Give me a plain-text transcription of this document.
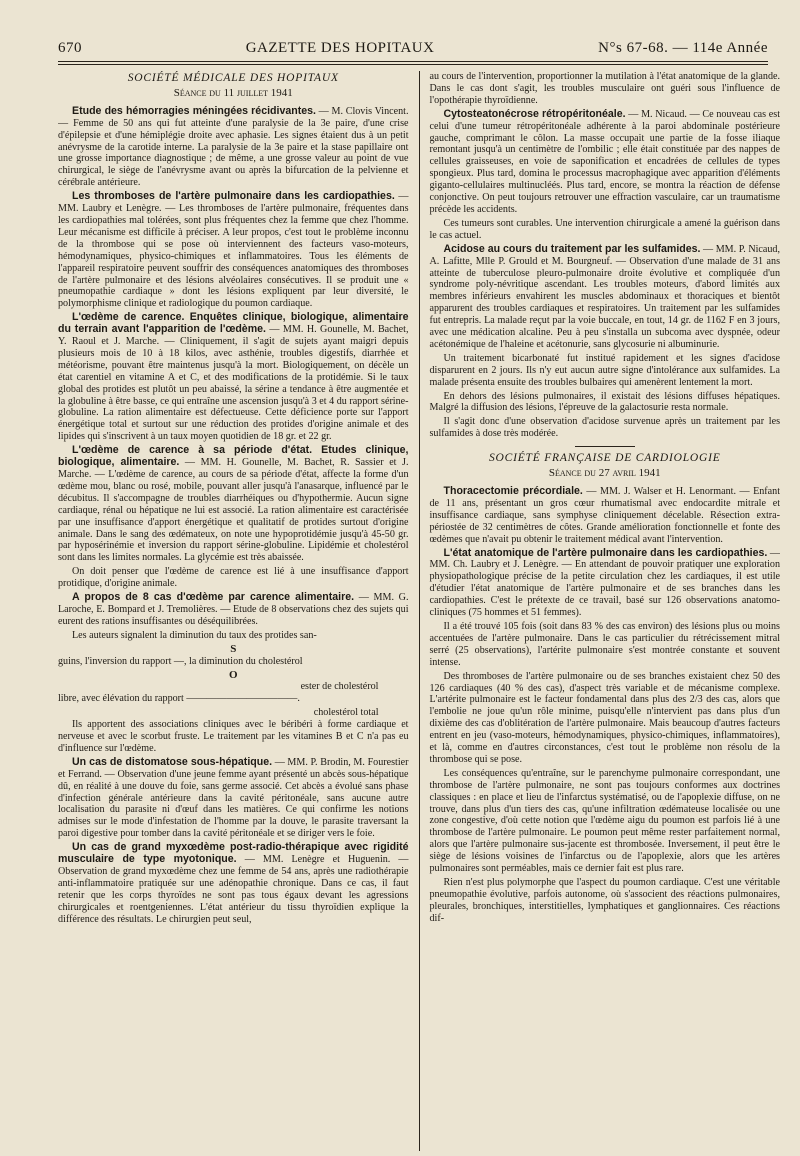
670	GAZETTE DES HOPITAUX	N°s 67-68. — 114e Année
SOCIÉTÉ MÉDICALE DES HOPITAUX
Séance du 11 juillet 1941

Etude des hémorragies méningées récidivantes. — M. Clovis Vincent. — Femme de 50 ans qui fut atteinte d'une paralysie de la 3e paire, d'une crise d'épilepsie et d'une hémiplégie droite avec aphasie. Les signes étaient dus à un petit anévrysme de la carotide interne. La paralysie de la 3e paire et la stase papillaire ont une grosse importance diagnostique ; de même, a une grosse valeur au point de vue chirurgical, le siège de l'anévrysme avant ou après la bifurcation de la pelvienne et cérébrale antérieure.

Les thromboses de l'artère pulmonaire dans les cardiopathies. — MM. Laubry et Lenègre. — Les thromboses de l'artère pulmonaire, fréquentes dans les cardiopathies mal tolérées, sont plus fréquentes chez la femme que chez l'homme. Leur mécanisme est difficile à préciser. A leur propos, c'est tout le problème inconnu de la thrombose qui se pose où interviennent des facteurs vaso-moteurs, hémodynamiques, physico-chimiques et inflammatoires. Tous les éléments de l'appareil respiratoire peuvent souffrir des conséquences anatomiques des thromboses de l'artère pulmonaire et des lésions alvéolaires consécutives. Il se produit une « pneumopathie cardiaque » dont les lésions expliquent par leur diversité, le polymorphisme clinique et radiologique du poumon cardiaque.

L'œdème de carence. Enquêtes clinique, biologique, alimentaire du terrain avant l'apparition de l'œdème. — MM. H. Gounelle, M. Bachet, Y. Raoul et J. Marche. — Cliniquement, il s'agit de sujets ayant maigri depuis plusieurs mois de 10 à 18 kilos, avec asthénie, troubles digestifs, diarrhée et météorisme, pouvant être maintenus jusqu'à la mort. Biologiquement, on décèle un état carentiel en vitamine A et C, et des modifications de la protidémie. Si le taux global des protides est plutôt un peu abaissé, la sérine a tendance à être augmentée et la globuline à être basse, ce qui entraîne une ascension jusqu'à 3 et 4 du rapport sérine-globuline. La ration alimentaire est défectueuse. Cette déficience porte sur l'apport énergétique total et surtout sur une réduction des protides d'origine animale et des lipides qui s'inscrivent à un taux moyen quotidien de 18 gr. et 22 gr.

L'œdème de carence à sa période d'état. Etudes clinique, biologique, alimentaire. — MM. H. Gounelle, M. Bachet, R. Sassier et J. Marche. — L'œdème de carence, au cours de sa période d'état, affecte la forme d'un œdème mou, blanc ou rosé, mobile, pouvant aller jusqu'à l'anasarque, influencé par le décubitus. Il s'accompagne de troubles diarrhéiques ou d'hypothermie. Aucun signe cardiaque, rénal ou hépatique ne lui est associé. La ration alimentaire est caractérisée par une insuffisance d'apport énergétique et qualitatif de protides surtout d'origine animale. Dans le sang des œdémateux, on note une hypoprotidémie jusqu'à 45-50 gr. par hyposérinémie et inversion du rapport sérine-globuline. Lipidémie et cholestérol sont dans les limites normales. La glycémie est très abaissée.

On doit penser que l'œdème de carence est lié à une insuffisance d'apport protidique, d'origine animale.

A propos de 8 cas d'œdème par carence alimentaire. — MM. G. Laroche, E. Bompard et J. Tremolières. — Etude de 8 observations chez des sujets qui eurent des rations insuffisantes ou déséquilibrées.

Les auteurs signalent la diminution du taux des protides san-

S

guins, l'inversion du rapport —, la diminution du cholestérol

O

ester de cholestérol

libre, avec élévation du rapport ———————————.

cholestérol total

Ils apportent des associations cliniques avec le béribéri à forme cardiaque et nerveuse et avec le scorbut fruste. Le traitement par les vitamines B et C n'a pas eu d'influence sur l'œdème.

Un cas de distomatose sous-hépatique. — MM. P. Brodin, M. Fourestier et Ferrand. — Observation d'une jeune femme ayant présenté un abcès sous-hépatique dû, en réalité à une douve du foie, sans germe associé. Cet abcès a évolué sans phase d'infection générale antérieure dans la cavité péritonéale, sans aucune autre localisation du parasite ni d'œuf dans les matières. Ce qui confirme les notions admises sur le mode d'infestation de l'homme par la douve, le parasite traversant la paroi digestive pour tomber dans la cavité péritonéale et se diriger vers le foie.

Un cas de grand myxœdème post-radio-thérapique avec rigidité musculaire de type myotonique. — MM. Lenègre et Huguenin. — Observation de grand myxœdème chez une femme de 54 ans, après une radiothérapie anti-inflammatoire pratiquée sur une adénopathie chronique. Dans ce cas, il faut retenir que les corps thyroïdes ne sont pas tous égaux devant les agressions chirurgicales et roentgeniennes. L'état antérieur du tissu thyroïdien explique la différence des résultats. Le chirurgien peut seul,

au cours de l'intervention, proportionner la mutilation à l'état anatomique de la glande. Dans le cas dont s'agit, les troubles musculaire ont guéri sous l'influence de l'opothérapie thyroïdienne.

Cytosteatonécrose rétropéritonéale. — M. Nicaud. — Ce nouveau cas est celui d'une tumeur rétropéritonéale adhérente à la paroi abdominale postérieure gauche, comprimant le côlon. La masse occupait une partie de la fosse iliaque remontant jusqu'à un centimètre de l'ombilic ; elle était constituée par des nappes de cellules graisseuses, en voie de saponification et encadrées de cellules de types spongieux. Plus tard, domina le processus macrophagique avec apparition d'éléments giganto-cellulaires multinucléés. Plus tard, encore, se montra la réaction de défense conjonctive. On peut toujours retrouver une effraction vasculaire, car un traumatisme précède les accidents.

Ces tumeurs sont curables. Une intervention chirurgicale a amené la guérison dans le cas actuel.

Acidose au cours du traitement par les sulfamides. — MM. P. Nicaud, A. Lafitte, Mlle P. Grould et M. Bourgneuf. — Observation d'une malade de 31 ans atteinte de tuberculose pleuro-pulmonaire droite évolutive et compliquée d'un syndrome poly-névritique ascendant. Les troubles moteurs, d'abord limités aux membres inférieurs envahirent les muscles abdominaux et thoraciques et bientôt apparurent des troubles cardiaques et respiratoires. Un traitement par les sulfamides fut entrepris. La malade reçut par la voie buccale, en tout, 14 gr. de 1162 F en 3 jours, avec une médication alcaline. Peu à peu s'installa un subcoma avec dyspnée, odeur acétonémique de l'haleine et acétonurie, sans glycosurie ni albuminurie.

Un traitement bicarbonaté fut institué rapidement et les signes d'acidose disparurent en 2 jours. Ils n'y eut aucun autre signe d'intolérance aux sulfamides. La malade présenta ensuite des troubles bulbaires qui amenèrent lentement la mort.

En dehors des lésions pulmonaires, il existait des lésions diffuses hépatiques. Malgré la diffusion des lésions, l'épreuve de la galactosurie resta normale.

Il s'agit donc d'une observation d'acidose survenue après un traitement par les sulfamides à dose très modérée.

SOCIÉTÉ FRANÇAISE DE CARDIOLOGIE
Séance du 27 avril 1941

Thoracectomie précordiale. — MM. J. Walser et H. Lenormant. — Enfant de 11 ans, présentant un gros cœur rhumatismal avec endocardite mitrale et insuffisance cardiaque, sans symphyse cliniquement décelable. Résection extra-périostée de 32 centimètres de côtes. Grande amélioration fonctionnelle et fonte des œdèmes que n'avait pu obtenir le traitement médical avant l'intervention.

L'état anatomique de l'artère pulmonaire dans les cardiopathies. — MM. Ch. Laubry et J. Lenègre. — En attendant de pouvoir pratiquer une exploration physiopathologique précise de la petite circulation chez les cardiaques, il est utile d'étudier l'état anatomique de l'artère pulmonaire et de ses branches dans les cardiopathies. C'est le prétexte de ce travail, basé sur 126 observations anatomo-cliniques (75 hommes et 51 femmes).

Il a été trouvé 105 fois (soit dans 83 % des cas environ) des lésions plus ou moins accentuées de l'artère pulmonaire. Dans le cas particulier du rétrécissement mitral serré (25 observations), l'artérite pulmonaire s'est montrée constante et souvent intense.

Des thromboses de l'artère pulmonaire ou de ses branches existaient chez 50 des 126 cardiaques (40 % des cas), d'aspect très variable et de mécanisme complexe. L'artérite pulmonaire est le facteur fondamental dans plus des 2/3 des cas, alors que l'embolie ne joue qu'un rôle minime, puisqu'elle n'intervient pas dans plus d'un dixième des cas d'oblitération de l'artère pulmonaire. Mais beaucoup d'autres facteurs entrent en jeu (vaso-moteurs, hémodynamiques, physico-chimiques, inflammatoires), et là, comme en d'autres circonstances, c'est tout le problème non résolu de la thrombose qui se pose.

Les conséquences qu'entraîne, sur le parenchyme pulmonaire correspondant, une thrombose de l'artère pulmonaire, ne sont pas toujours conformes aux doctrines classiques : en place et lieu de l'infarctus systématisé, ou de l'apoplexie diffuse, on ne trouve, dans plus d'un tiers des cas, qu'une infiltration œdémateuse localisée ou une zone congestive, d'où cette notion que l'œdème aigu du poumon est parfois lié à une thrombose de l'artère pulmonaire. Le poumon peut même rester parfaitement normal, alors que l'artère pulmonaire sus-jacente est thrombosée. Inversement, il peut être le siège de lésions voisines de l'infarctus ou de l'apoplexie, alors que les artères pulmonaires sont perméables, mais ce dernier fait est plus rare.

Rien n'est plus polymorphe que l'aspect du poumon cardiaque. C'est une véritable pneumopathie évolutive, parfois autonome, où s'associent des réactions pulmonaires, pleurales, bronchiques, interstitielles, lymphatiques et ganglionnaires. Ces réactions dif-
